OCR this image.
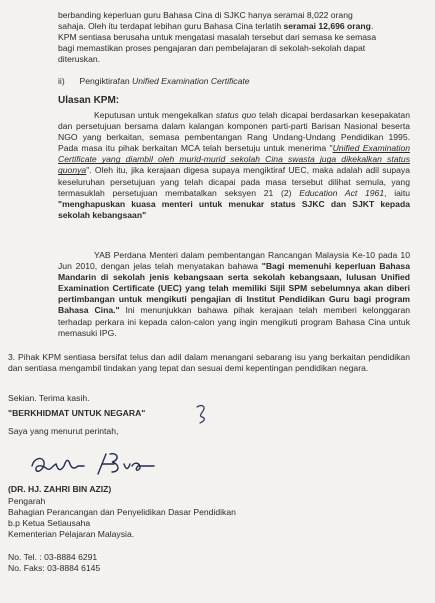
berbanding keperluan guru Bahasa Cina di SJKC hanya seramai 8,022 orang
sahaja. Oleh itu terdapat lebihan guru Bahasa Cina terlatih seramai 12,696 orang.
KPM sentiasa berusaha untuk mengatasi masalah tersebut dari semasa ke semasa
bagi memastikan proses pengajaran dan pembelajaran di sekolah-sekolah dapat
diteruskan.
ii) Pengiktirafan Unified Examination Certificate
Ulasan KPM:
Keputusan untuk mengekalkan status quo telah dicapai berdasarkan kesepakatan dan persetujuan bersama dalam kalangan komponen parti-parti Barisan Nasional beserta NGO yang berkaitan, semasa pembentangan Rang Undang-Undang Pendidikan 1995. Pada masa itu pihak berkaitan MCA telah bersetuju untuk menerima "Unified Examination Certificate yang diambil oleh murid-murid sekolah Cina swasta juga dikekalkan status quonya". Oleh itu, jika kerajaan digesa supaya mengiktiraf UEC, maka adalah adil supaya keseluruhan persetujuan yang telah dicapai pada masa tersebut dilihat semula, yang termasuklah persetujuan membatalkan seksyen 21 (2) Education Act 1961, iaitu "menghapuskan kuasa menteri untuk menukar status SJKC dan SJKT kepada sekolah kebangsaan"
YAB Perdana Menteri dalam pembentangan Rancangan Malaysia Ke-10 pada 10 Jun 2010, dengan jelas telah menyatakan bahawa "Bagi memenuhi keperluan Bahasa Mandarin di sekolah jenis kebangsaan serta sekolah kebangsaan, lulusan Unified Examination Certificate (UEC) yang telah memiliki Sijil SPM sebelumnya akan diberi pertimbangan untuk mengikuti pengajian di Institut Pendidikan Guru bagi program Bahasa Cina." Ini menunjukkan bahawa pihak kerajaan telah memberi kelonggaran terhadap perkara ini kepada calon-calon yang ingin mengikuti program Bahasa Cina untuk memasuki IPG.
3. Pihak KPM sentiasa bersifat telus dan adil dalam menangani sebarang isu yang berkaitan pendidikan dan sentiasa mengambil tindakan yang tepat dan sesuai demi kepentingan pendidikan negara.
Sekian. Terima kasih.
"BERKHIDMAT UNTUK NEGARA"
Saya yang menurut perintah,
(DR. HJ. ZAHRI BIN AZIZ)
Pengarah
Bahagian Perancangan dan Penyelidikan Dasar Pendidikan
b.p Ketua Setiausaha
Kementerian Pelajaran Malaysia.
No. Tel. : 03-8884 6291
No. Faks: 03-8884 6145
